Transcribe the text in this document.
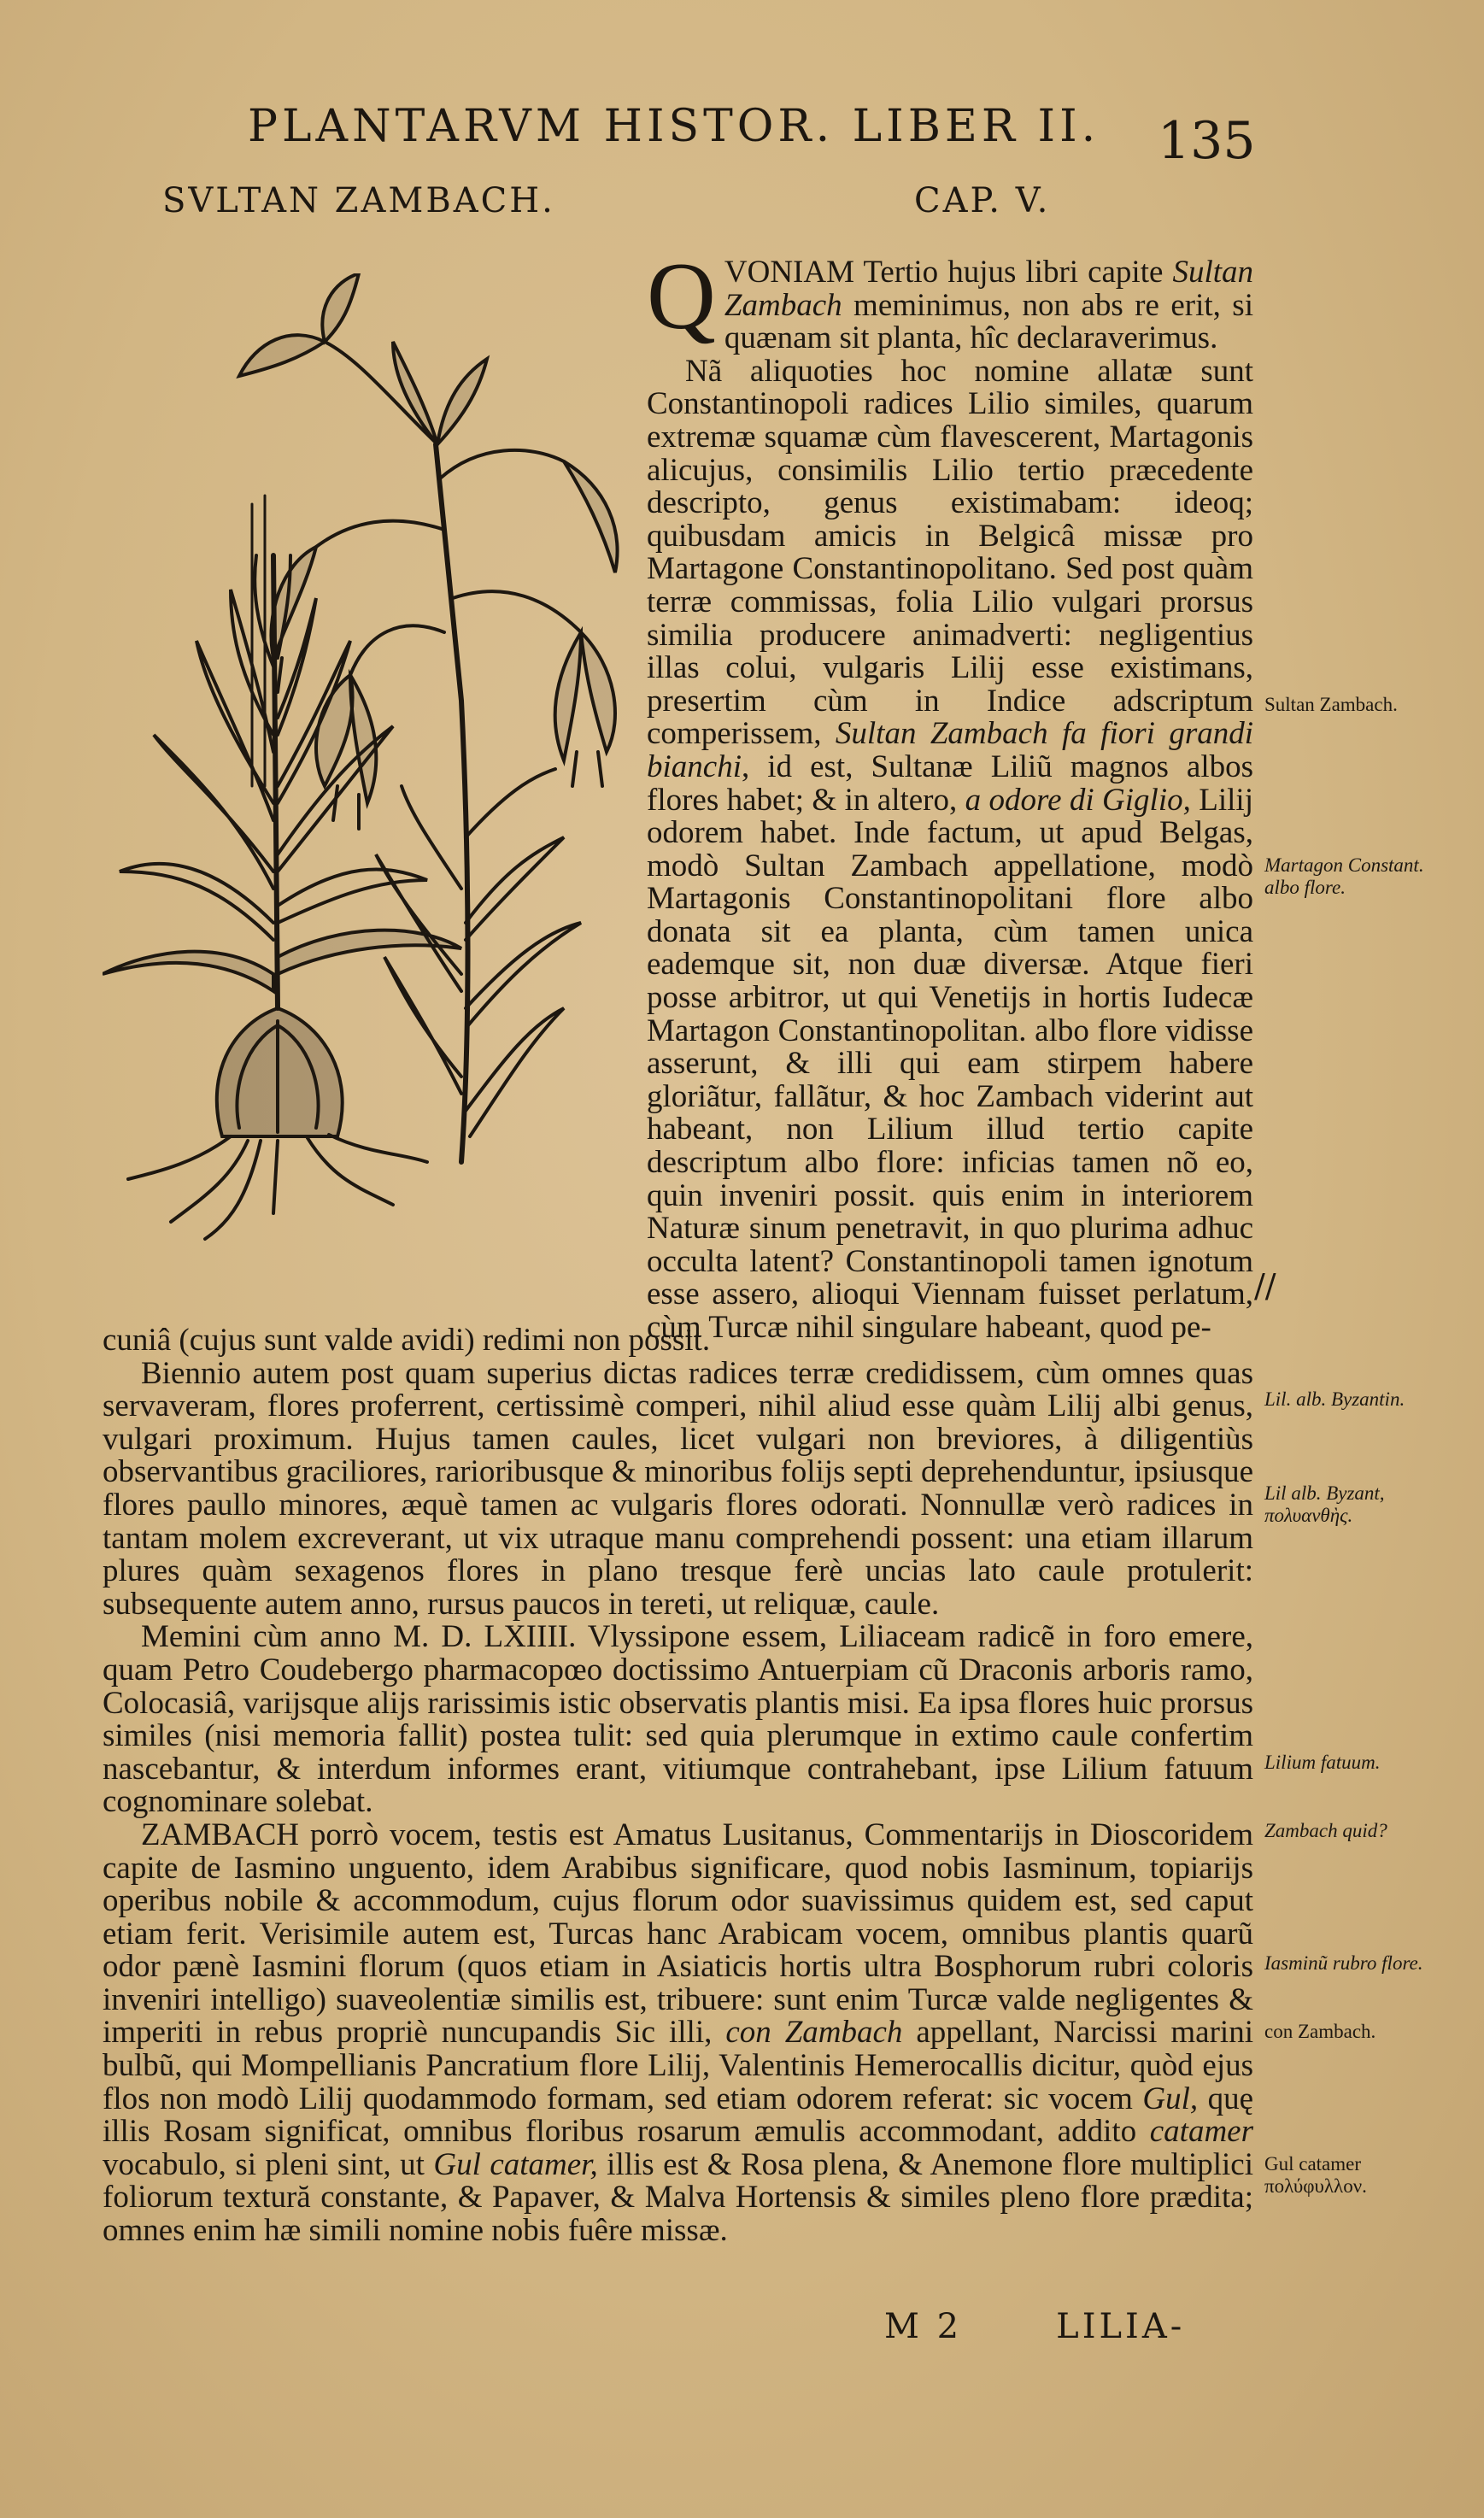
PLANTARVM HISTOR. LIBER II.	135
SVLTAN ZAMBACH.	CAP. V.

QVONIAM Tertio hujus libri capite Sultan Zambach meminimus, non abs re erit, si quænam sit planta, hîc declaraverimus.

Nã aliquoties hoc nomine allatæ sunt Constantinopoli radices Lilio similes, quarum extremæ squamæ cùm flavescerent, Martagonis alicujus, consimilis Lilio tertio præcedente descripto, genus existimabam: ideoq; quibusdam amicis in Belgicâ missæ pro Martagone Constantinopolitano. Sed post quàm terræ commissas, folia Lilio vulgari prorsus similia producere animadverti: negligentius illas colui, vulgaris Lilij esse existimans, presertim cùm in Indice adscriptum comperissem, Sultan Zambach fa fiori grandi bianchi, id est, Sultanæ Liliũ magnos albos flores habet; & in altero, a odore di Giglio, Lilij odorem habet. Inde factum, ut apud Belgas, modò Sultan Zambach appellatione, modò Martagonis Constantinopolitani flore albo donata sit ea planta, cùm tamen unica eademque sit, non duæ diversæ. Atque fieri posse arbitror, ut qui Venetijs in hortis Iudecæ Martagon Constantinopolitan. albo flore vidisse asserunt, & illi qui eam stirpem habere gloriãtur, fallãtur, & hoc Zambach viderint aut habeant, non Lilium illud tertio capite descriptum albo flore: inficias tamen nõ eo, quin inveniri possit. quis enim in interiorem Naturæ sinum penetravit, in quo plurima adhuc occulta latent? Constantinopoli tamen ignotum esse assero, alioqui Viennam fuisset perlatum, cùm Turcæ nihil singulare habeant, quod pe-

cuniâ (cujus sunt valde avidi) redimi non possit.

Biennio autem post quam superius dictas radices terræ credidissem, cùm omnes quas servaveram, flores proferrent, certissimè comperi, nihil aliud esse quàm Lilij albi genus, vulgari proximum. Hujus tamen caules, licet vulgari non breviores, à diligentiùs observantibus graciliores, rarioribusque & minoribus folijs septi deprehenduntur, ipsiusque flores paullo minores, æquè tamen ac vulgaris flores odorati. Nonnullæ verò radices in tantam molem excreverant, ut vix utraque manu comprehendi possent: una etiam illarum plures quàm sexagenos flores in plano tresque ferè uncias lato caule protulerit: subsequente autem anno, rursus paucos in tereti, ut reliquæ, caule.

Memini cùm anno M. D. LXIIII. Vlyssipone essem, Liliaceam radicẽ in foro emere, quam Petro Coudebergo pharmacopœo doctissimo Antuerpiam cũ Draconis arboris ramo, Colocasiâ, varijsque alijs rarissimis istic observatis plantis misi. Ea ipsa flores huic prorsus similes (nisi memoria fallit) postea tulit: sed quia plerumque in extimo caule confertim nascebantur, & interdum informes erant, vitiumque contrahebant, ipse Lilium fatuum cognominare solebat.

ZAMBACH porrò vocem, testis est Amatus Lusitanus, Commentarijs in Dioscoridem capite de Iasmino unguento, idem Arabibus significare, quod nobis Iasminum, topiarijs operibus nobile & accommodum, cujus florum odor suavissimus quidem est, sed caput etiam ferit. Verisimile autem est, Turcas hanc Arabicam vocem, omnibus plantis quarũ odor pænè Iasmini florum (quos etiam in Asiaticis hortis ultra Bosphorum rubri coloris inveniri intelligo) suaveolentiæ similis est, tribuere: sunt enim Turcæ valde negligentes & imperiti in rebus propriè nuncupandis Sic illi, con Zambach appellant, Narcissi marini bulbũ, qui Mompellianis Pancratium flore Lilij, Valentinis Hemerocallis dicitur, quòd ejus flos non modò Lilij quodammodo formam, sed etiam odorem referat: sic vocem Gul, quę illis Rosam significat, omnibus floribus rosarum æmulis accommodant, addito catamer vocabulo, si pleni sint, ut Gul catamer, illis est & Rosa plena, & Anemone flore multiplici foliorum textură constante, & Papaver, & Malva Hortensis & similes pleno flore prædita; omnes enim hæ simili nomine nobis fuêre missæ.

Sultan Zambach.
Martagon Constant. albo flore.
//
Lil. alb. Byzantin.
Lil alb. Byzant, πολυανθὴς.
Lilium fatuum.
Zambach quid?
Iasminũ rubro flore.
con Zambach.
Gul catamer πολύφυλλον.
M 2	LILIA-
